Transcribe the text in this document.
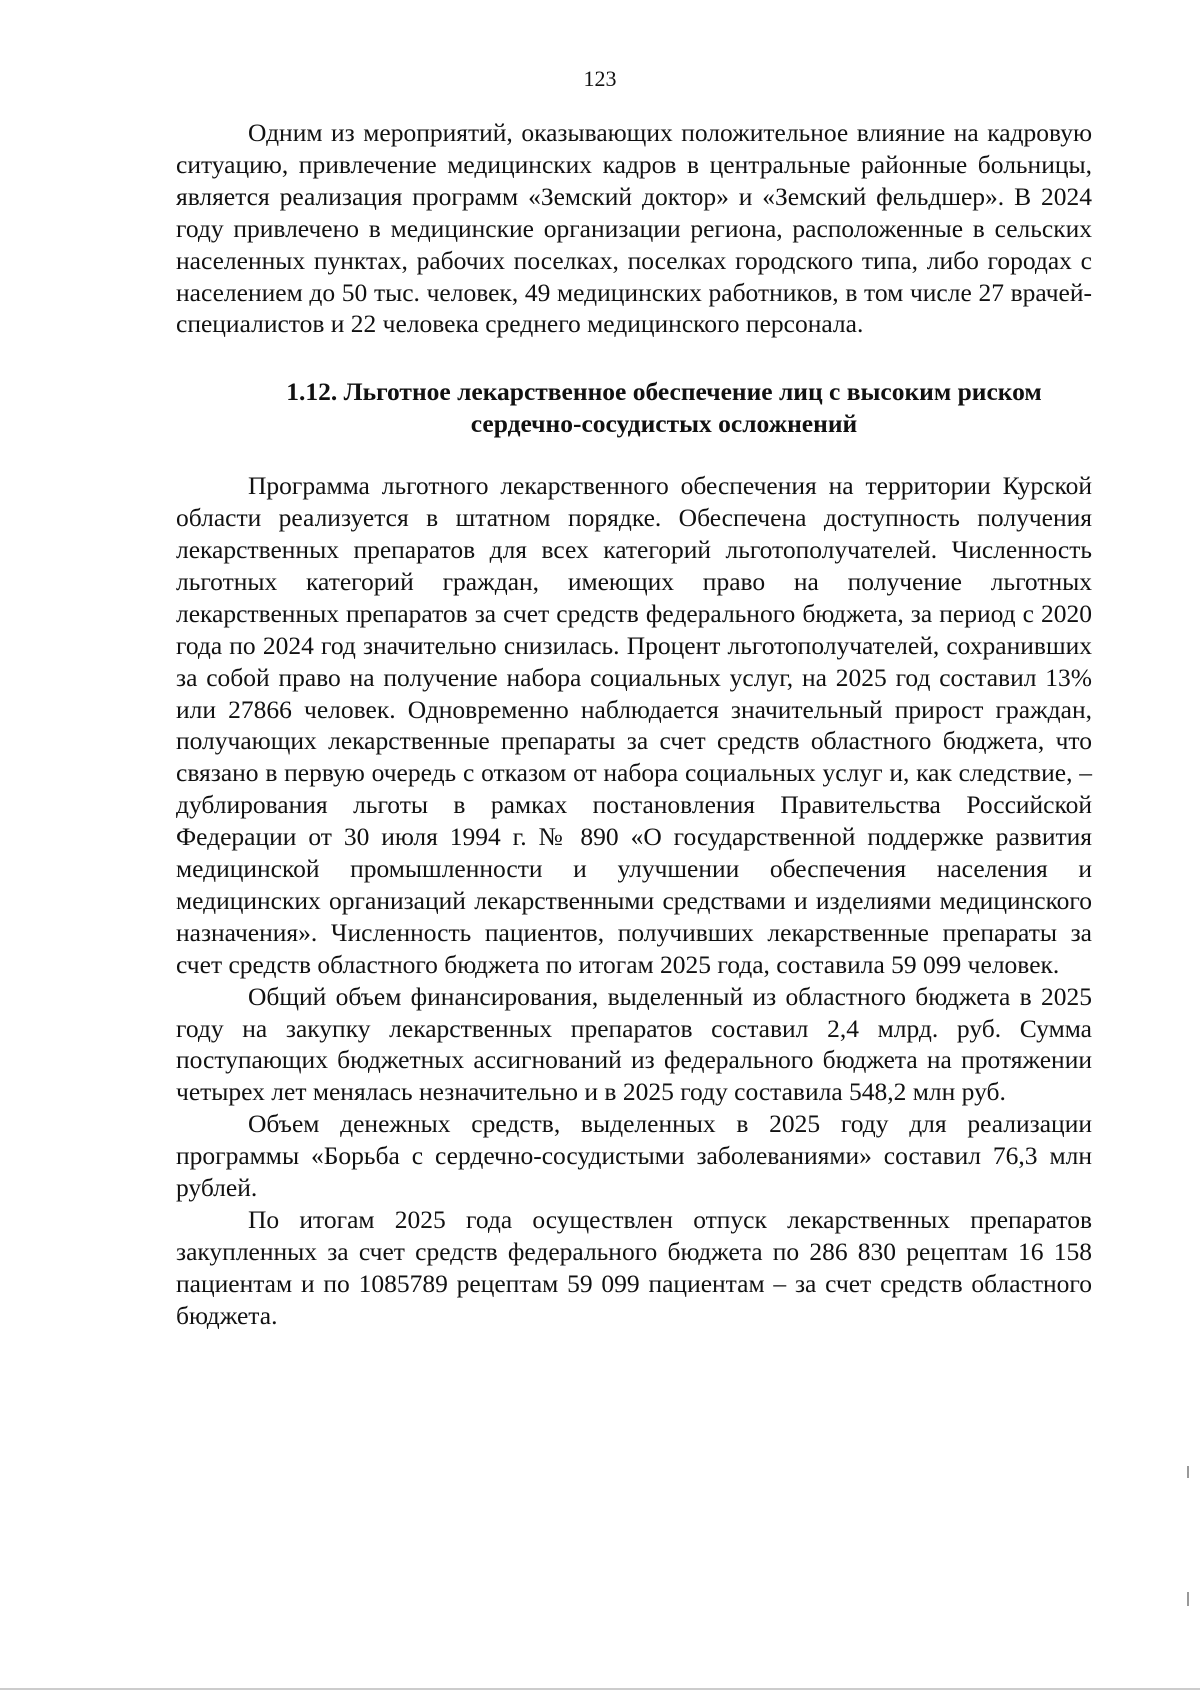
123

Одним из мероприятий, оказывающих положительное влияние на кадровую ситуацию, привлечение медицинских кадров в центральные районные больницы, является реализация программ «Земский доктор» и «Земский фельдшер». В 2024 году привлечено в медицинские организации региона, расположенные в сельских населенных пунктах, рабочих поселках, поселках городского типа, либо городах с населением до 50 тыс. человек, 49 медицинских работников, в том числе 27 врачей-специалистов и 22 человека среднего медицинского персонала.

1.12. Льготное лекарственное обеспечение лиц с высоким риском
сердечно-сосудистых осложнений

Программа льготного лекарственного обеспечения на территории Курской области реализуется в штатном порядке. Обеспечена доступность получения лекарственных препаратов для всех категорий льготополучателей. Численность льготных категорий граждан, имеющих право на получение льготных лекарственных препаратов за счет средств федерального бюджета, за период с 2020 года по 2024 год значительно снизилась. Процент льготополучателей, сохранивших за собой право на получение набора социальных услуг, на 2025 год составил 13% или 27866 человек. Одновременно наблюдается значительный прирост граждан, получающих лекарственные препараты за счет средств областного бюджета, что связано в первую очередь с отказом от набора социальных услуг и, как следствие, – дублирования льготы в рамках постановления Правительства Российской Федерации от 30 июля 1994 г. № 890 «О государственной поддержке развития медицинской промышленности и улучшении обеспечения населения и медицинских организаций лекарственными средствами и изделиями медицинского назначения». Численность пациентов, получивших лекарственные препараты за счет средств областного бюджета по итогам 2025 года, составила 59 099 человек.

Общий объем финансирования, выделенный из областного бюджета в 2025 году на закупку лекарственных препаратов составил 2,4 млрд. руб. Сумма поступающих бюджетных ассигнований из федерального бюджета на протяжении четырех лет менялась незначительно и в 2025 году составила 548,2 млн руб.

Объем денежных средств, выделенных в 2025 году для реализации программы «Борьба с сердечно-сосудистыми заболеваниями» составил 76,3 млн рублей.

По итогам 2025 года осуществлен отпуск лекарственных препаратов закупленных за счет средств федерального бюджета по 286 830 рецептам 16 158 пациентам и по 1085789 рецептам 59 099 пациентам – за счет средств областного бюджета.
